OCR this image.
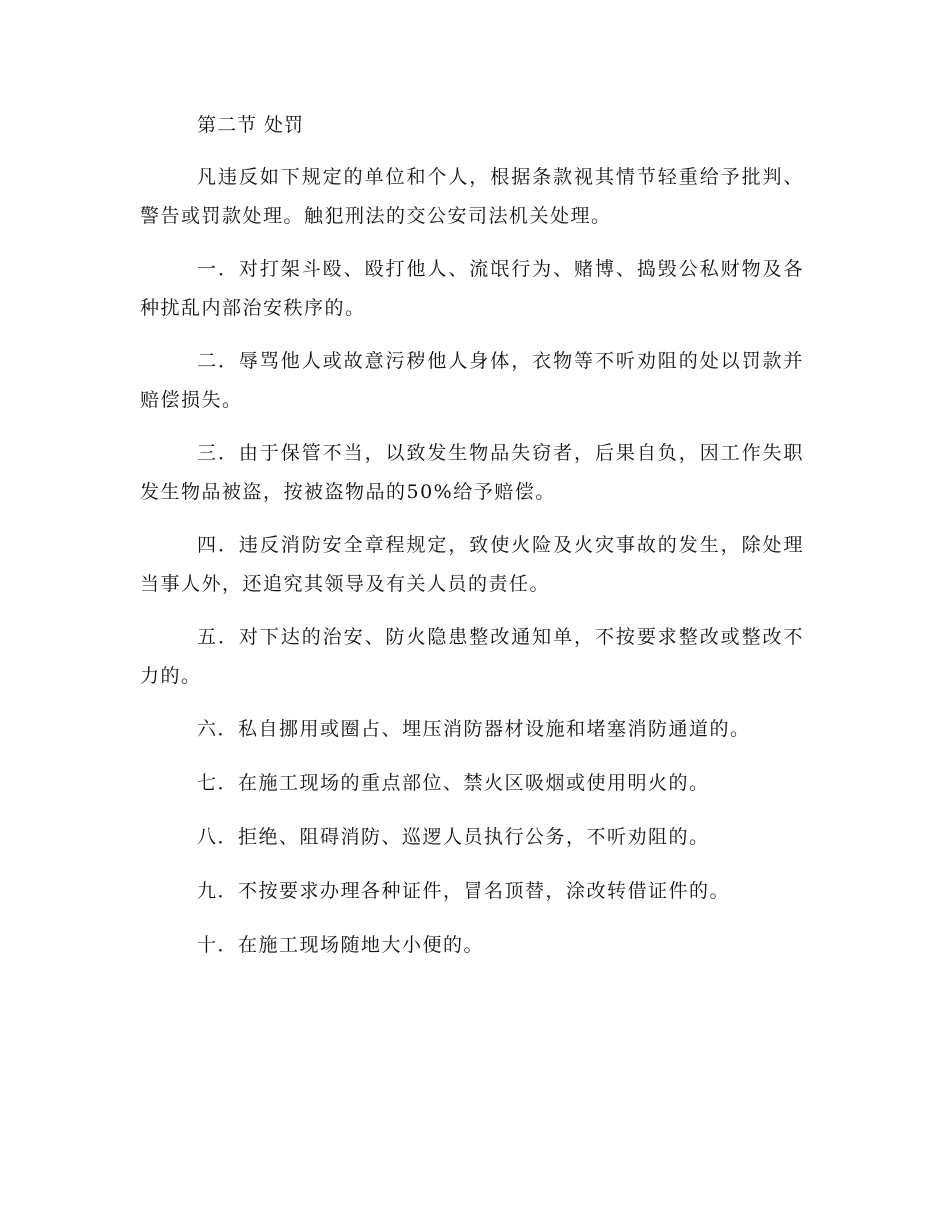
第二节 处罚

凡违反如下规定的单位和个人，根据条款视其情节轻重给予批判、警告或罚款处理。触犯刑法的交公安司法机关处理。

一．对打架斗殴、殴打他人、流氓行为、赌博、捣毁公私财物及各种扰乱内部治安秩序的。

二．辱骂他人或故意污秽他人身体，衣物等不听劝阻的处以罚款并赔偿损失。

三．由于保管不当，以致发生物品失窃者，后果自负，因工作失职发生物品被盗，按被盗物品的50%给予赔偿。

四．违反消防安全章程规定，致使火险及火灾事故的发生，除处理当事人外，还追究其领导及有关人员的责任。

五．对下达的治安、防火隐患整改通知单，不按要求整改或整改不力的。

六．私自挪用或圈占、埋压消防器材设施和堵塞消防通道的。

七．在施工现场的重点部位、禁火区吸烟或使用明火的。

八．拒绝、阻碍消防、巡逻人员执行公务，不听劝阻的。

九．不按要求办理各种证件，冒名顶替，涂改转借证件的。

十．在施工现场随地大小便的。
